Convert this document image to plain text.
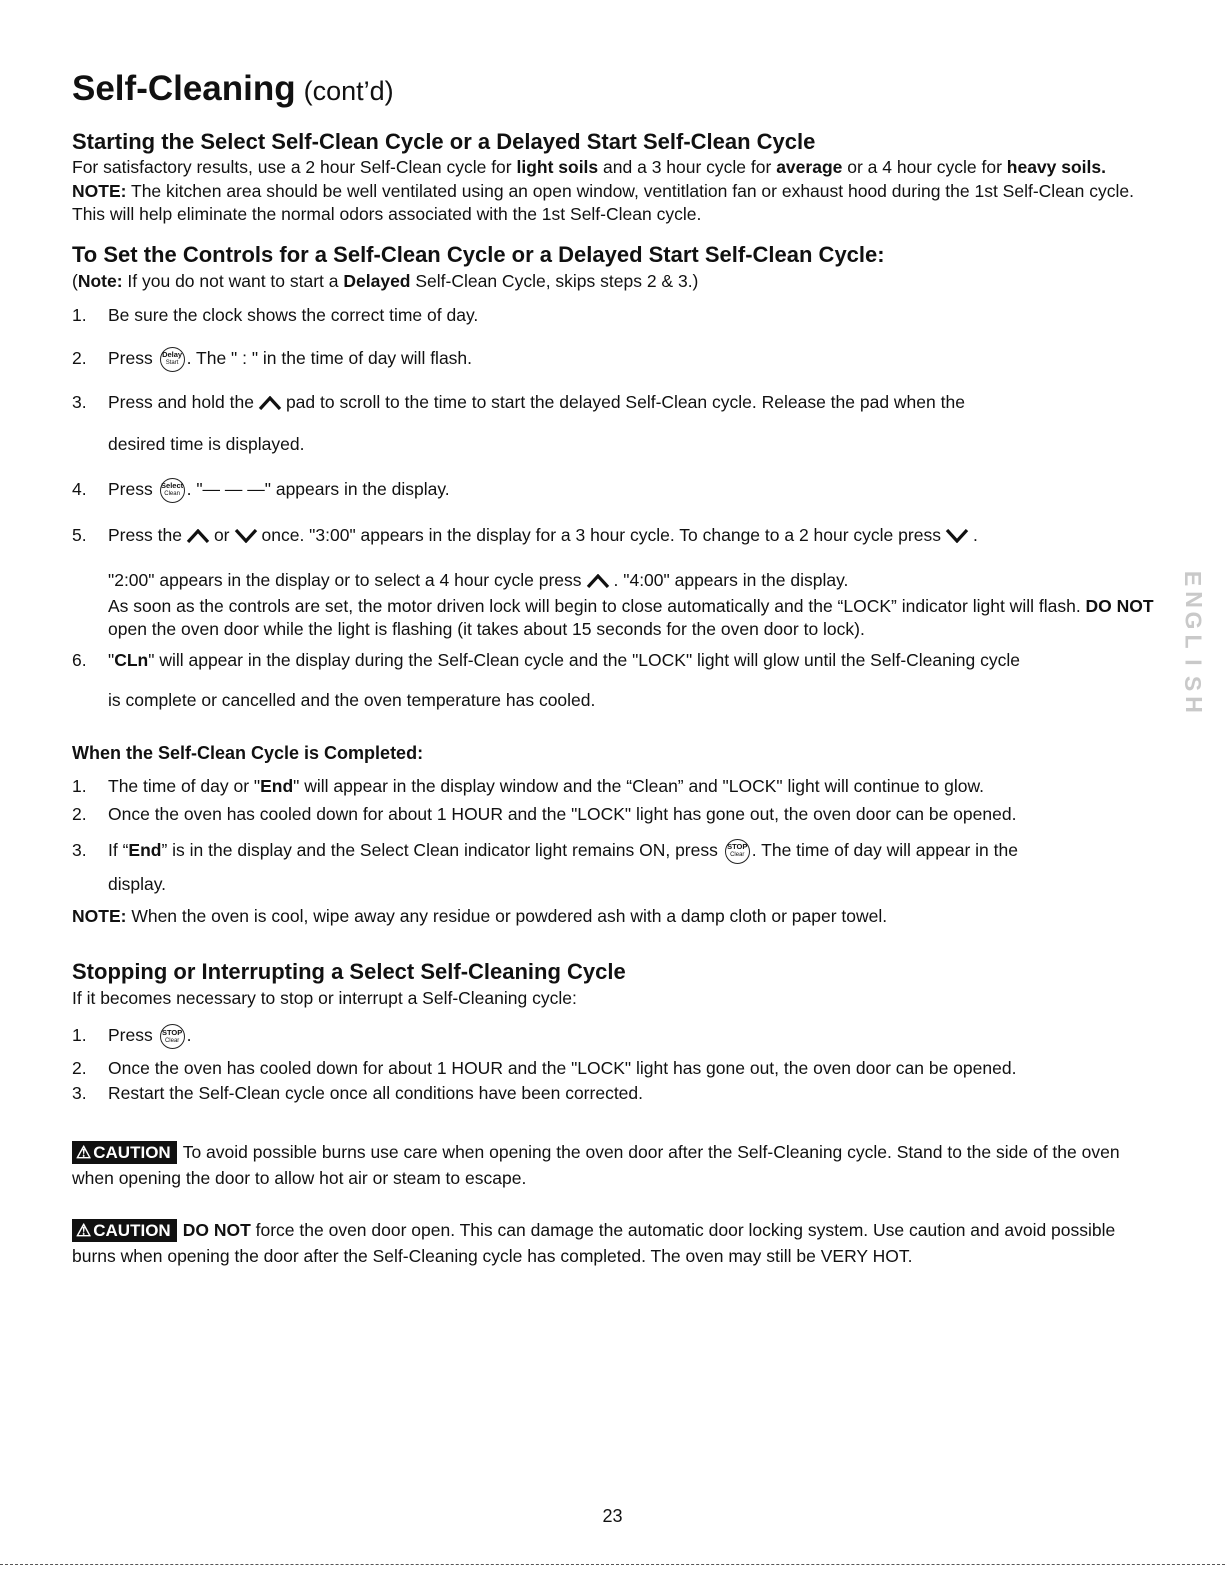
Self-Cleaning (cont’d)
Starting the Select Self-Clean Cycle or a Delayed Start Self-Clean Cycle

For satisfactory results, use a 2 hour Self-Clean cycle for light soils and a 3 hour cycle for average or a 4 hour cycle for heavy soils. NOTE: The kitchen area should be well ventilated using an open window, ventitlation fan or exhaust hood during the 1st Self-Clean cycle. This will help eliminate the normal odors associated with the 1st Self-Clean cycle.

To Set the Controls for a Self-Clean Cycle or a Delayed Start Self-Clean Cycle:

(Note: If you do not want to start a Delayed Self-Clean Cycle, skips steps 2 & 3.)

1.	Be sure the clock shows the correct time of day.
2.	Press Delay
Start . The " : " in the time of day will flash.
3.	Press and hold the pad to scroll to the time to start the delayed Self-Clean cycle. Release the pad when the
desired time is displayed.
4.	Press Select
Clean . "— — —" appears in the display.
5.	Press the or once. "3:00" appears in the display for a 3 hour cycle. To change to a 2 hour cycle press .
"2:00" appears in the display or to select a 4 hour cycle press . "4:00" appears in the display.
As soon as the controls are set, the motor driven lock will begin to close automatically and the “LOCK” indicator light will flash. DO NOT open the oven door while the light is flashing (it takes about 15 seconds for the oven door to lock).
6.	"CLn" will appear in the display during the Self-Clean cycle and the "LOCK" light will glow until the Self-Cleaning cycle
is complete or cancelled and the oven temperature has cooled.
When the Self-Clean Cycle is Completed:
1.	The time of day or "End" will appear in the display window and the “Clean” and "LOCK" light will continue to glow.
2.	Once the oven has cooled down for about 1 HOUR and the "LOCK" light has gone out, the oven door can be opened.
3.	If “End” is in the display and the Select Clean indicator light remains ON, press STOP
Clear . The time of day will appear in the
display.

NOTE: When the oven is cool, wipe away any residue or powdered ash with a damp cloth or paper towel.

Stopping or Interrupting a Select Self-Cleaning Cycle

If it becomes necessary to stop or interrupt a Self-Cleaning cycle:

1.	Press STOP
Clear .
2.	Once the oven has cooled down for about 1 HOUR and the "LOCK" light has gone out, the oven door can be opened.
3.	Restart the Self-Clean cycle once all conditions have been corrected.

⚠ CAUTION To avoid possible burns use care when opening the oven door after the Self-Cleaning cycle. Stand to the side of the oven when opening the door to allow hot air or steam to escape.

⚠ CAUTION DO NOT force the oven door open. This can damage the automatic door locking system. Use caution and avoid possible burns when opening the door after the Self-Cleaning cycle has completed. The oven may still be VERY HOT.

E
N
G
L
I
S
H
23
